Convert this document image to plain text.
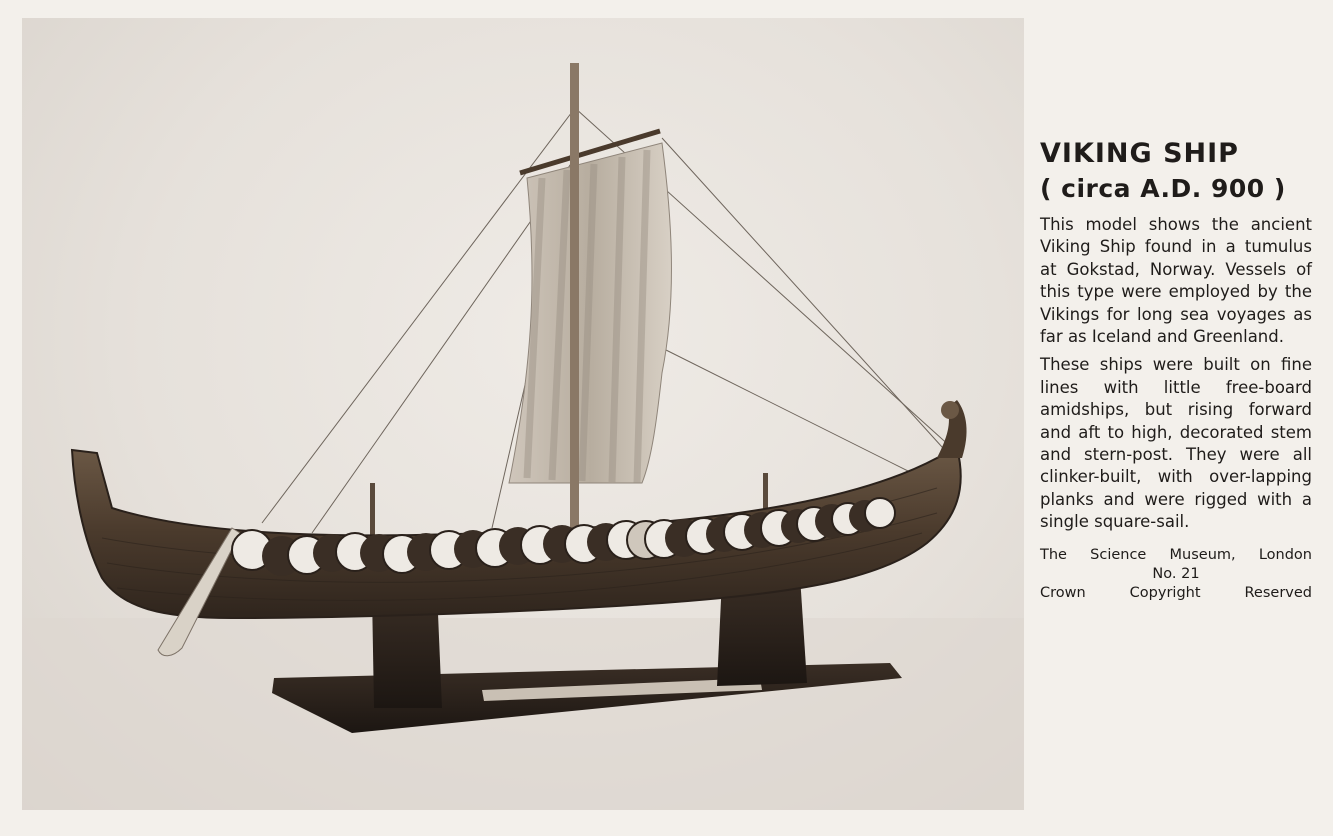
VIKING SHIP
( circa A.D. 900 )

This model shows the ancient Viking Ship found in a tumulus at Gokstad, Norway. Vessels of this type were employed by the Vikings for long sea voyages as far as Iceland and Greenland.

These ships were built on fine lines with little free-board amidships, but rising forward and aft to high, decorated stem and stern-post. They were all clinker-built, with over-lapping planks and were rigged with a single square-sail.

The Science Museum, London
No. 21
Crown	Copyright	Reserved
